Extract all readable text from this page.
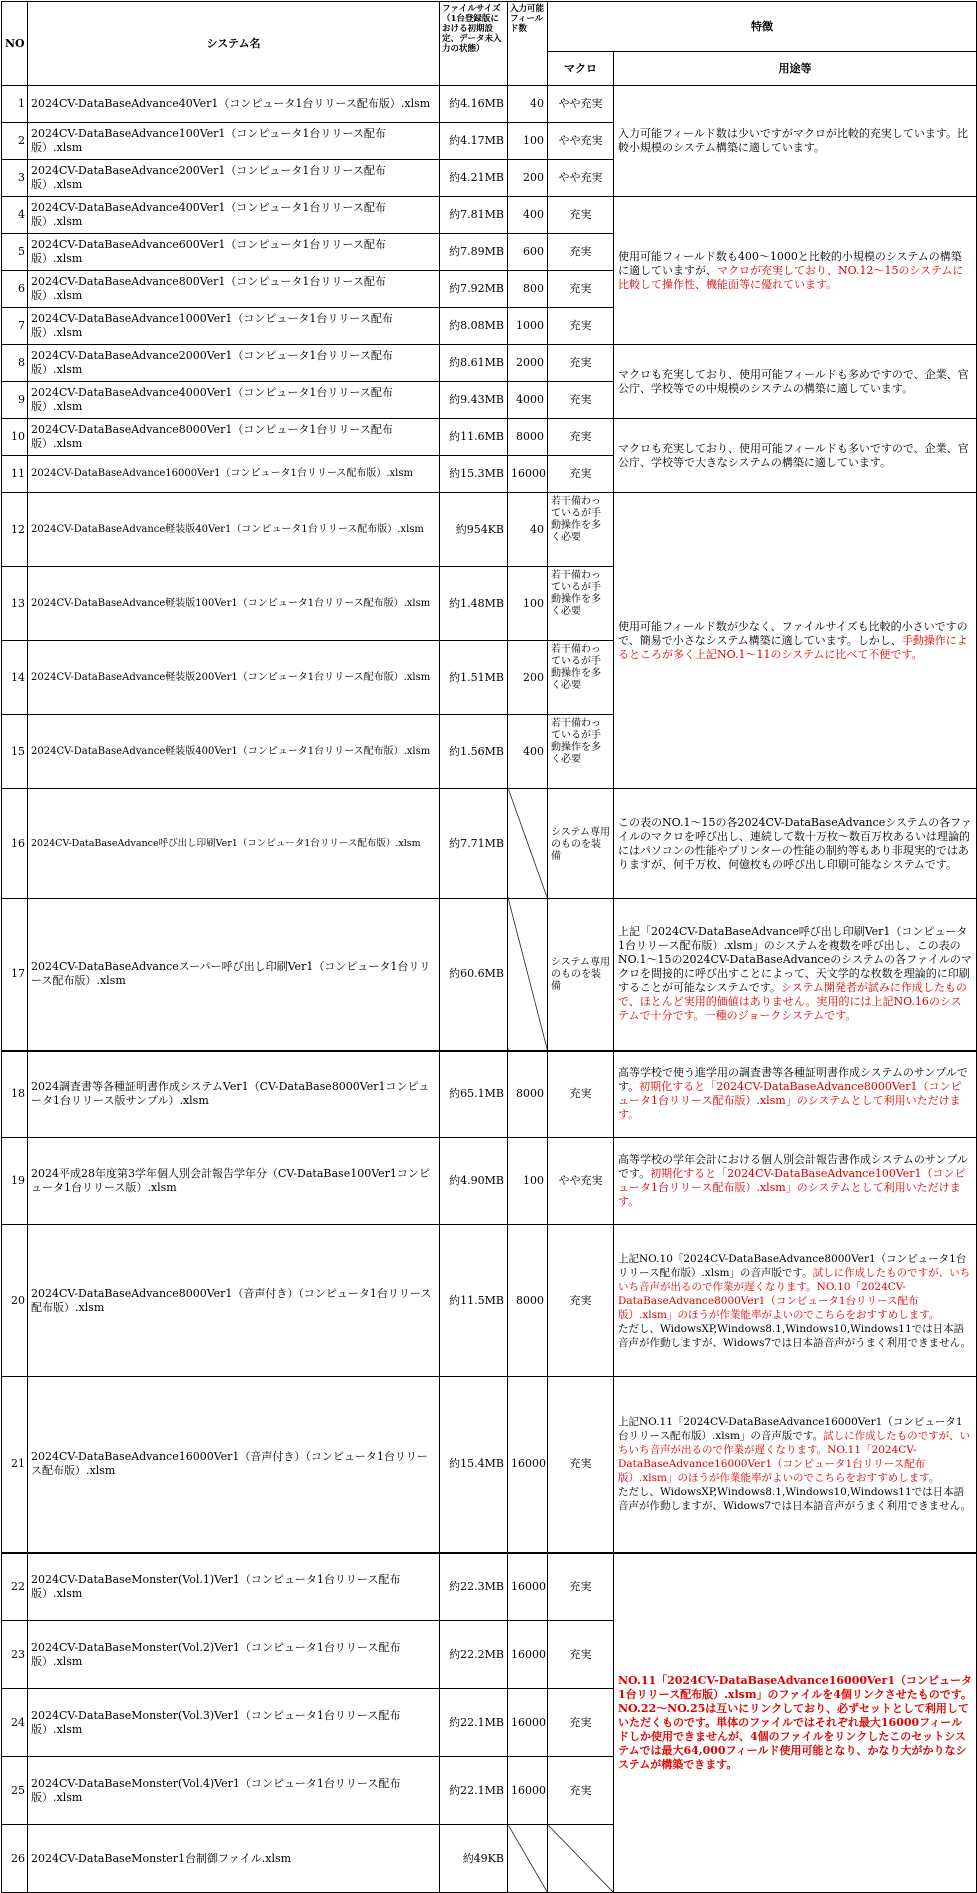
NO	システム名	ファイルサイズ（1台登録版における初期設定、データ未入力の状態）	入力可能フィールド数	特徴	
				マクロ	用途等
1	2024CV-DataBaseAdvance40Ver1（コンピュータ1台リリース配布版）.xlsm	約4.16MB	40	やや充実	入力可能フィールド数は少いですがマクロが比較的充実しています。比較小規模のシステム構築に適しています。
2	2024CV-DataBaseAdvance100Ver1（コンピュータ1台リリース配布版）.xlsm	約4.17MB	100	やや充実	
3	2024CV-DataBaseAdvance200Ver1（コンピュータ1台リリース配布版）.xlsm	約4.21MB	200	やや充実	
4	2024CV-DataBaseAdvance400Ver1（コンピュータ1台リリース配布版）.xlsm	約7.81MB	400	充実	使用可能フィールド数も400～1000と比較的小規模のシステムの構築に適していますが、マクロが充実しており、NO.12～15のシステムに比較して操作性、機能面等に優れています。
5	2024CV-DataBaseAdvance600Ver1（コンピュータ1台リリース配布版）.xlsm	約7.89MB	600	充実	
6	2024CV-DataBaseAdvance800Ver1（コンピュータ1台リリース配布版）.xlsm	約7.92MB	800	充実	
7	2024CV-DataBaseAdvance1000Ver1（コンピュータ1台リリース配布版）.xlsm	約8.08MB	1000	充実	
8	2024CV-DataBaseAdvance2000Ver1（コンピュータ1台リリース配布版）.xlsm	約8.61MB	2000	充実	マクロも充実しており、使用可能フィールドも多めですので、企業、官公庁、学校等での中規模のシステムの構築に適しています。
9	2024CV-DataBaseAdvance4000Ver1（コンピュータ1台リリース配布版）.xlsm	約9.43MB	4000	充実	
10	2024CV-DataBaseAdvance8000Ver1（コンピュータ1台リリース配布版）.xlsm	約11.6MB	8000	充実	マクロも充実しており、使用可能フィールドも多いですので、企業、官公庁、学校等で大きなシステムの構築に適しています。
11	2024CV-DataBaseAdvance16000Ver1（コンピュータ1台リリース配布版）.xlsm	約15.3MB	16000	充実	
12	2024CV-DataBaseAdvance軽装版40Ver1（コンピュータ1台リリース配布版）.xlsm	約954KB	40	若干備わっているが手動操作を多く必要	使用可能フィールド数が少なく、ファイルサイズも比較的小さいですので、簡易で小さなシステム構築に適しています。しかし、手動操作によるところが多く上記NO.1～11のシステムに比べて不便です。
13	2024CV-DataBaseAdvance軽装版100Ver1（コンピュータ1台リリース配布版）.xlsm	約1.48MB	100	若干備わっているが手動操作を多く必要	
14	2024CV-DataBaseAdvance軽装版200Ver1（コンピュータ1台リリース配布版）.xlsm	約1.51MB	200	若干備わっているが手動操作を多く必要	
15	2024CV-DataBaseAdvance軽装版400Ver1（コンピュータ1台リリース配布版）.xlsm	約1.56MB	400	若干備わっているが手動操作を多く必要	
16	2024CV-DataBaseAdvance呼び出し印刷Ver1（コンピュータ1台リリース配布版）.xlsm	約7.71MB		システム専用のものを装備	この表のNO.1～15の各2024CV-DataBaseAdvanceシステムの各ファイルのマクロを呼び出し、連続して数十万枚～数百万枚あるいは理論的にはパソコンの性能やプリンターの性能の制約等もあり非現実的ではありますが、何千万枚、何億枚もの呼び出し印刷可能なシステムです。
17	2024CV-DataBaseAdvanceスーパー呼び出し印刷Ver1（コンピュータ1台リリース配布版）.xlsm	約60.6MB		システム専用のものを装備	上記「2024CV-DataBaseAdvance呼び出し印刷Ver1（コンピュータ1台リリース配布版）.xlsm」のシステムを複数を呼び出し、この表のNO.1～15の2024CV-DataBaseAdvanceのシステムの各ファイルのマクロを間接的に呼び出すことによって、天文学的な枚数を理論的に印刷することが可能なシステムです。システム開発者が試みに作成したもので、ほとんど実用的価値はありません。実用的には上記NO.16のシステムで十分です。一種のジョークシステムです。
18	2024調査書等各種証明書作成システムVer1（CV-DataBase8000Ver1コンピュータ1台リリース版サンプル）.xlsm	約65.1MB	8000	充実	高等学校で使う進学用の調査書等各種証明書作成システムのサンプルです。初期化すると「2024CV-DataBaseAdvance8000Ver1（コンピュータ1台リリース配布版）.xlsm」のシステムとして利用いただけます。
19	2024平成28年度第3学年個人別会計報告学年分（CV-DataBase100Ver1コンピュータ1台リリース版）.xlsm	約4.90MB	100	やや充実	高等学校の学年会計における個人別会計報告書作成システムのサンプルです。初期化すると「2024CV-DataBaseAdvance100Ver1（コンピュータ1台リリース配布版）.xlsm」のシステムとして利用いただけます。
20	2024CV-DataBaseAdvance8000Ver1（音声付き）（コンピュータ1台リリース配布版）.xlsm	約11.5MB	8000	充実	上記NO.10「2024CV-DataBaseAdvance8000Ver1（コンピュータ1台リリース配布版）.xlsm」の音声版です。試しに作成したものですが、いちいち音声が出るので作業が遅くなります。NO.10「2024CV-DataBaseAdvance8000Ver1（コンピュータ1台リリース配布版）.xlsm」のほうが作業能率がよいのでこちらをおすすめします。
ただし、WidowsXP,Windows8.1,Windows10,Windows11では日本語音声が作動しますが、Widows7では日本語音声がうまく利用できません。
21	2024CV-DataBaseAdvance16000Ver1（音声付き）（コンピュータ1台リリース配布版）.xlsm	約15.4MB	16000	充実	上記NO.11「2024CV-DataBaseAdvance16000Ver1（コンピュータ1台リリース配布版）.xlsm」の音声版です。試しに作成したものですが、いちいち音声が出るので作業が遅くなります。NO.11「2024CV-DataBaseAdvance16000Ver1（コンピュータ1台リリース配布版）.xlsm」のほうが作業能率がよいのでこちらをおすすめします。
ただし、WidowsXP,Windows8.1,Windows10,Windows11では日本語音声が作動しますが、Widows7では日本語音声がうまく利用できません。
22	2024CV-DataBaseMonster(Vol.1)Ver1（コンピュータ1台リリース配布版）.xlsm	約22.3MB	16000	充実	NO.11「2024CV-DataBaseAdvance16000Ver1（コンピュータ1台リリース配布版）.xlsm」のファイルを4個リンクさせたものです。NO.22～NO.25は互いにリンクしており、必ずセットとして利用していただくものです。単体のファイルではそれぞれ最大16000フィールドしか使用できませんが、4個のファイルをリンクしたこのセットシステムでは最大64,000フィールド使用可能となり、かなり大がかりなシステムが構築できます。
23	2024CV-DataBaseMonster(Vol.2)Ver1（コンピュータ1台リリース配布版）.xlsm	約22.2MB	16000	充実	
24	2024CV-DataBaseMonster(Vol.3)Ver1（コンピュータ1台リリース配布版）.xlsm	約22.1MB	16000	充実	
25	2024CV-DataBaseMonster(Vol.4)Ver1（コンピュータ1台リリース配布版）.xlsm	約22.1MB	16000	充実	
26	2024CV-DataBaseMonster1台制御ファイル.xlsm	約49KB			
